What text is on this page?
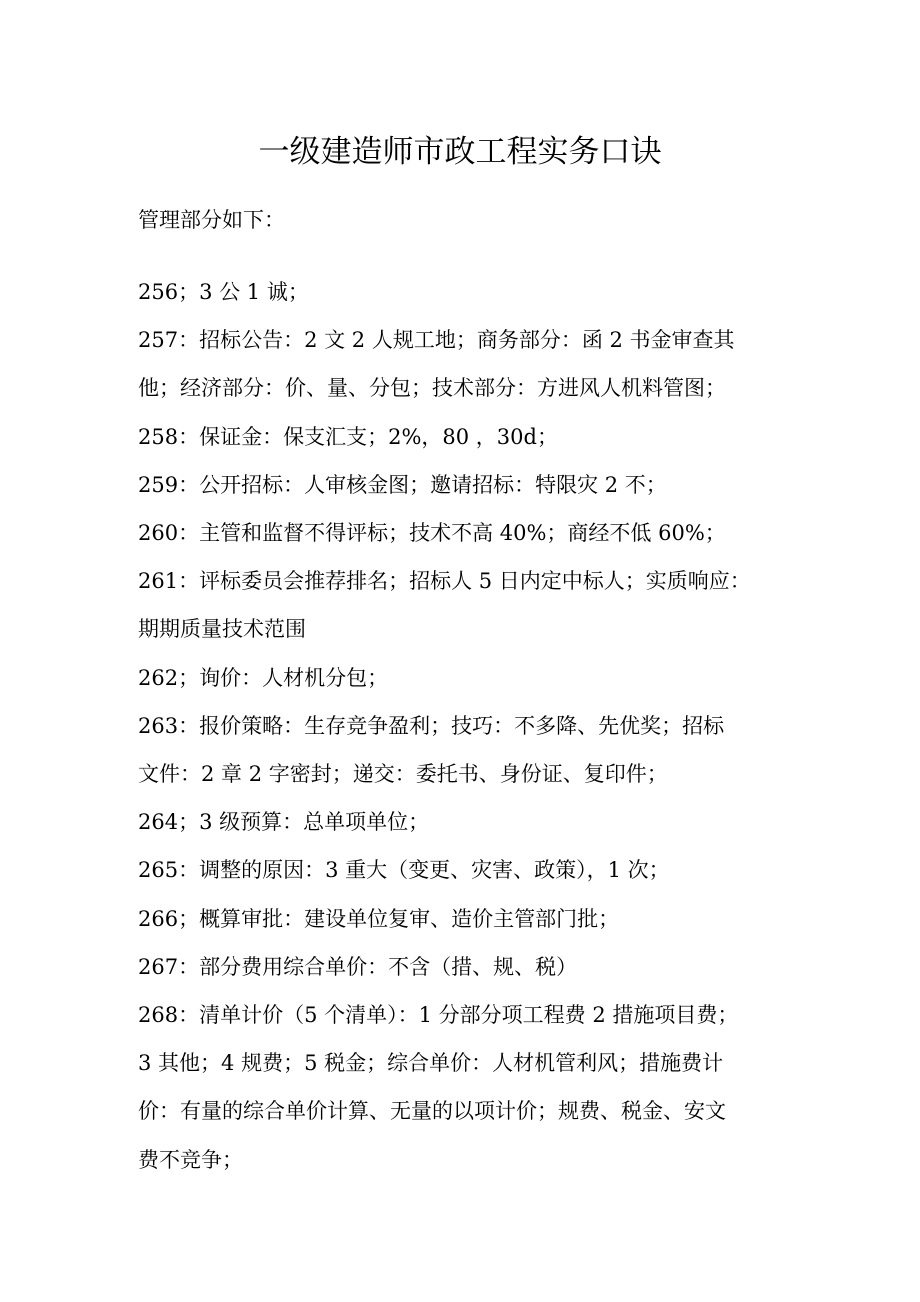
一级建造师市政工程实务口诀
管理部分如下：
256；3 公 1 诚；
257：招标公告：2 文 2 人规工地；商务部分：函 2 书金审查其
他；经济部分：价、量、分包；技术部分：方进风人机料管图；
258：保证金：保支汇支；2%，80 ，30d；
259：公开招标：人审核金图；邀请招标：特限灾 2 不；
260：主管和监督不得评标；技术不高 40%；商经不低 60%；
261：评标委员会推荐排名；招标人 5 日内定中标人；实质响应：
期期质量技术范围
262；询价：人材机分包；
263：报价策略：生存竞争盈利；技巧：不多降、先优奖；招标
文件：2 章 2 字密封；递交：委托书、身份证、复印件；
264；3 级预算：总单项单位；
265：调整的原因：3 重大（变更、灾害、政策），1 次；
266；概算审批：建设单位复审、造价主管部门批；
267：部分费用综合单价：不含（措、规、税）
268：清单计价（5 个清单）：1 分部分项工程费 2 措施项目费；
3 其他；4 规费；5 税金；综合单价：人材机管利风；措施费计
价：有量的综合单价计算、无量的以项计价；规费、税金、安文
费不竞争；
